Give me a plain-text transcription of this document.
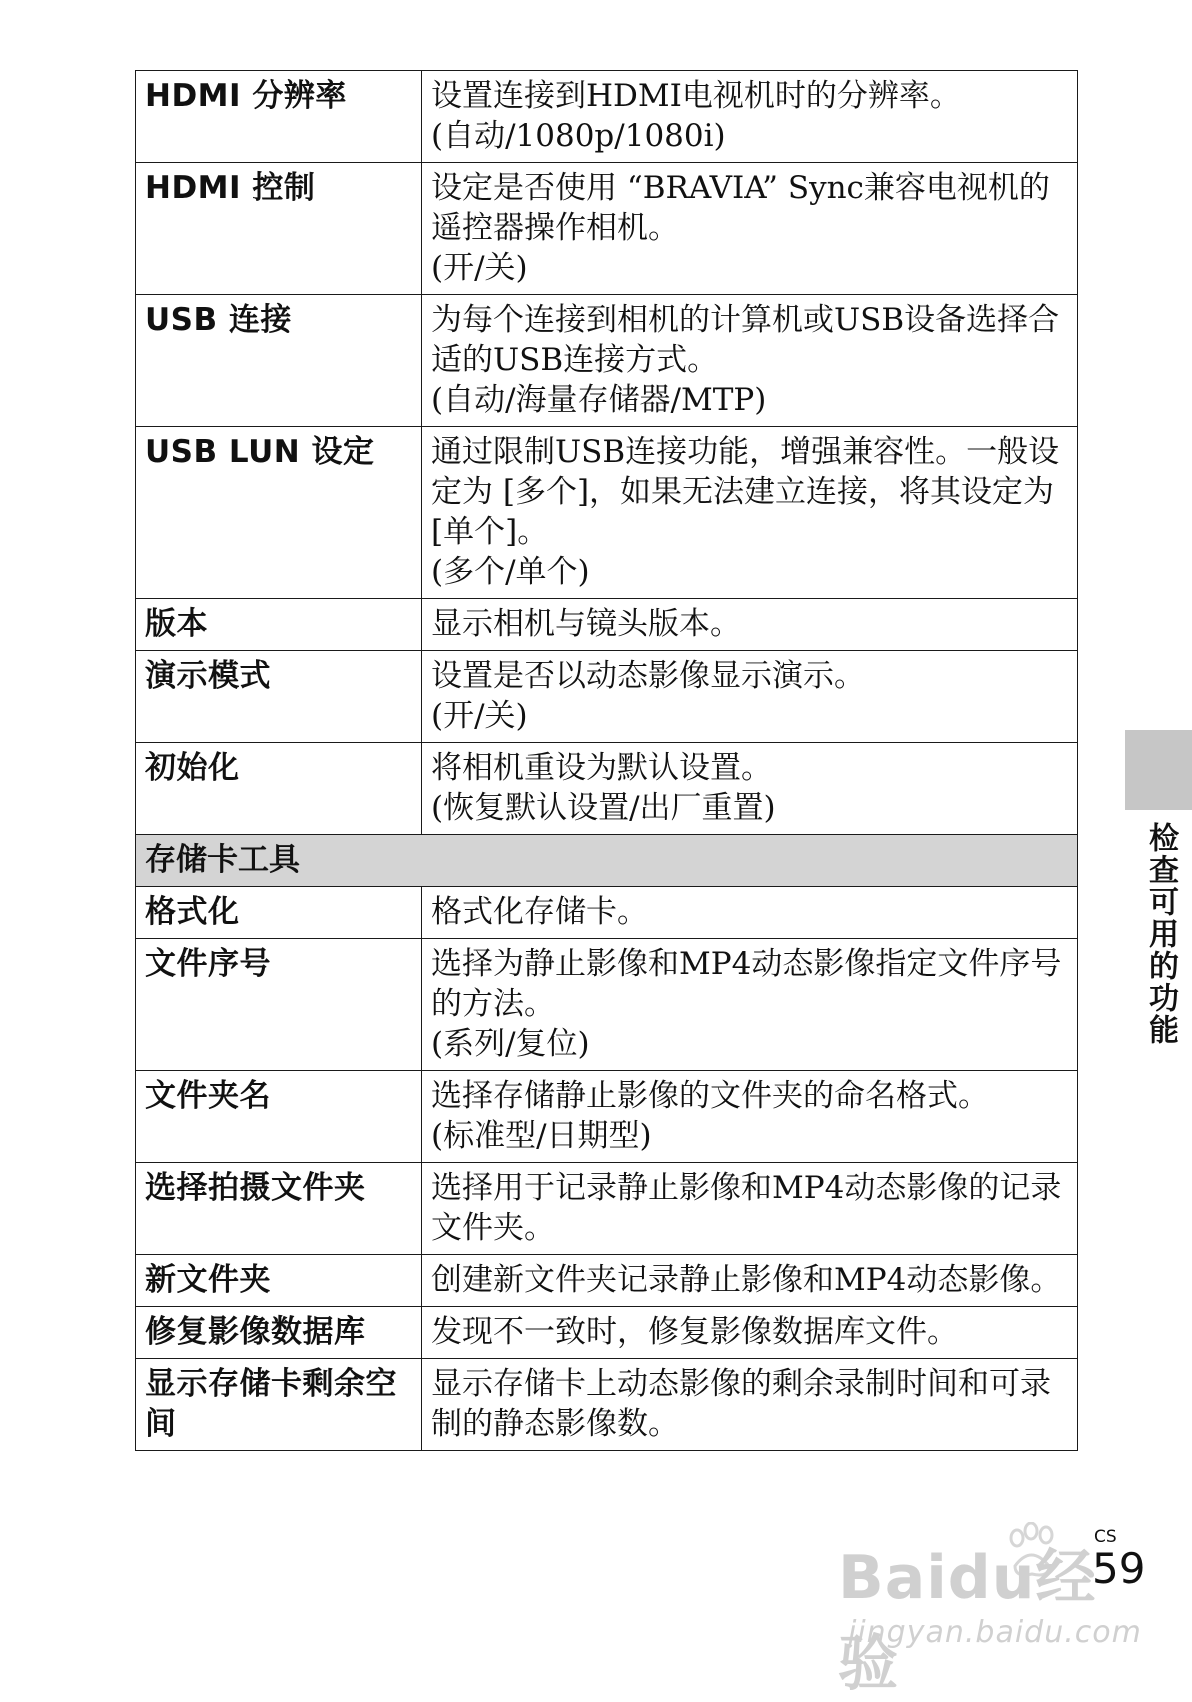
HDMI 分辨率	设置连接到HDMI电视机时的分辨率。
(自动/1080p/1080i)
HDMI 控制	设定是否使用 “BRAVIA” Sync兼容电视机的遥控器操作相机。
(开/关)
USB 连接	为每个连接到相机的计算机或USB设备选择合适的USB连接方式。
(自动/海量存储器/MTP)
USB LUN 设定	通过限制USB连接功能，增强兼容性。一般设定为 [多个]，如果无法建立连接，将其设定为 [单个]。
(多个/单个)
版本	显示相机与镜头版本。
演示模式	设置是否以动态影像显示演示。
(开/关)
初始化	将相机重设为默认设置。
(恢复默认设置/出厂重置)
存储卡工具	
格式化	格式化存储卡。
文件序号	选择为静止影像和MP4动态影像指定文件序号的方法。
(系列/复位)
文件夹名	选择存储静止影像的文件夹的命名格式。
(标准型/日期型)
选择拍摄文件夹	选择用于记录静止影像和MP4动态影像的记录文件夹。
新文件夹	创建新文件夹记录静止影像和MP4动态影像。
修复影像数据库	发现不一致时，修复影像数据库文件。
显示存储卡剩余空间	显示存储卡上动态影像的剩余录制时间和可录制的静态影像数。
检查可用的功能
CS
59
Baidu经验
jingyan.baidu.com
